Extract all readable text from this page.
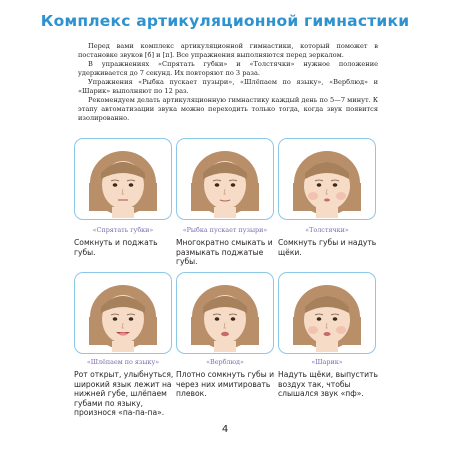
Комплекс артикуляционной гимнастики

Перед вами комплекс артикуляционной гимнастики, который поможет в постановке звуков [б] и [п]. Все упражнения выполняются перед зеркалом.

В упражнениях «Спрятать губки» и «Толстячки» нужное положение удерживается до 7 секунд. Их повторяют по 3 раза.

Упражнения «Рыбка пускает пузыри», «Шлёпаем по языку», «Верблюд» и «Шарик» выполняют по 12 раз.

Рекомендуем делать артикуляционную гимнастику каждый день по 5—7 минут. К этапу автоматизации звука можно переходить только тогда, когда звук появится изолированно.

«Спрятать губки»
Сомкнуть и поджать губы.
«Рыбка пускает пузыри»
Многократно смыкать и размыкать поджатые губы.
«Толстячки»
Сомкнуть губы и надуть щёки.
«Шлёпаем по языку»
Рот открыт, улыбнуться, широкий язык лежит на нижней губе, шлёпаем губами по языку, произнося «па-па-па».
«Верблюд»
Плотно сомкнуть губы и через них имитировать плевок.
«Шарик»
Надуть щёки, выпустить воздух так, чтобы слышался звук «пф».
4
